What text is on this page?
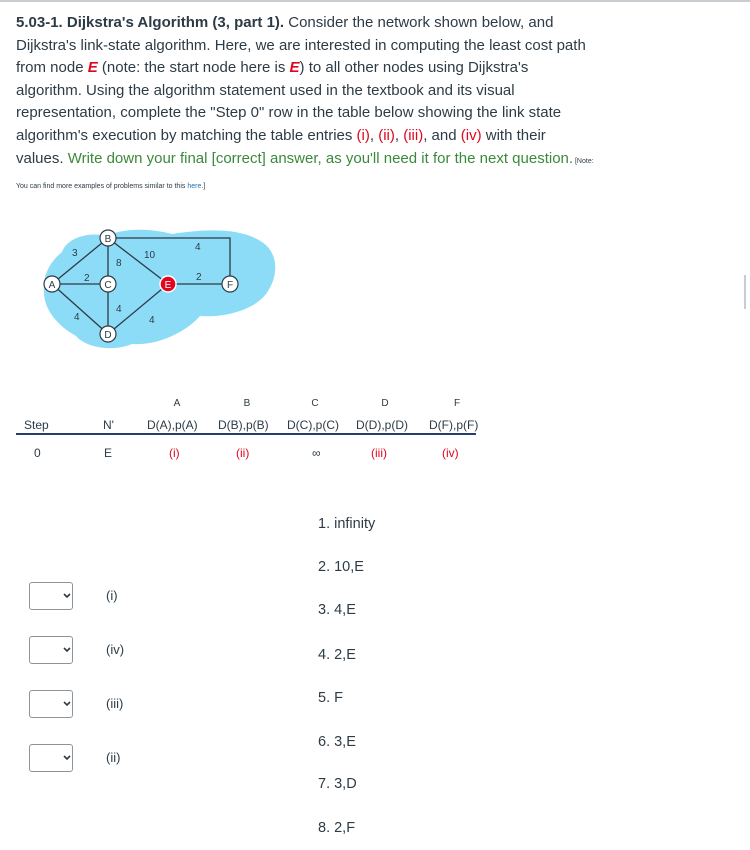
5.03-1. Dijkstra's Algorithm (3, part 1). Consider the network shown below, and Dijkstra's link-state algorithm. Here, we are interested in computing the least cost path from node E (note: the start node here is E) to all other nodes using Dijkstra's algorithm. Using the algorithm statement used in the textbook and its visual representation, complete the "Step 0" row in the table below showing the link state algorithm's execution by matching the table entries (i), (ii), (iii), and (iv) with their values. Write down your final [correct] answer, as you'll need it for the next question. [Note: You can find more examples of problems similar to this here.]
3
2
4
8
4
10
4
2
4
A
B
C
D
E	F
A	B	C	D	F
Step	N'	D(A),p(A) D(B),p(B) D(C),p(C) D(D),p(D) D(F),p(F)
0	E	(i)	(ii)	∞	(iii)	(iv)
1. infinity
2. 10,E
3. 4,E
4. 2,E
5. F
6. 3,E
7. 3,D
8. 2,F
(i)
(iv)
(iii)
(ii)
